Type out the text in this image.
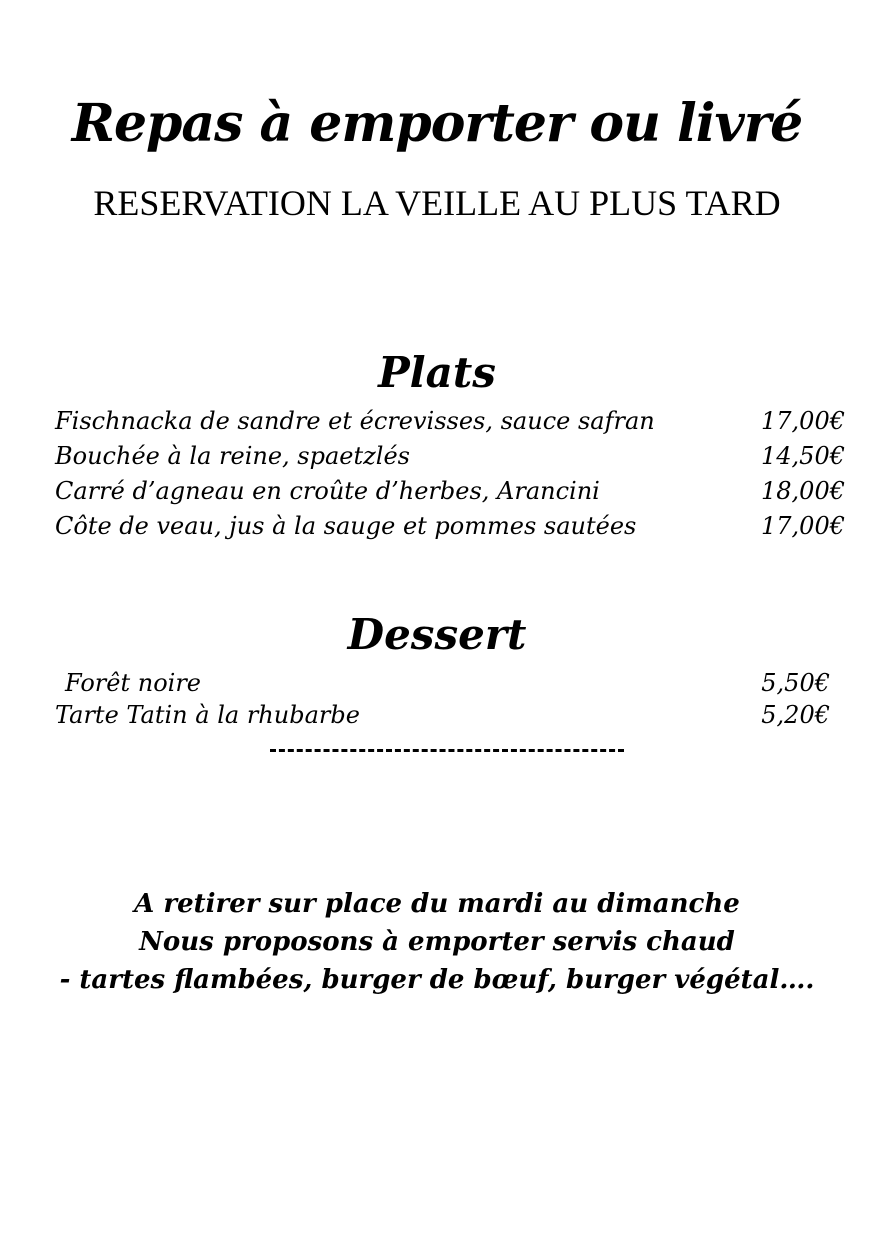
Repas à emporter ou livré
RESERVATION LA VEILLE AU PLUS TARD
Plats
Fischnacka de sandre et écrevisses, sauce safran	17,00€
Bouchée à la reine, spaetzlés	14,50€
Carré d’agneau en croûte d’herbes, Arancini	18,00€
Côte de veau, jus à la sauge et pommes sautées	17,00€
Dessert
Forêt noire	5,50€
Tarte Tatin à la rhubarbe	5,20€
A retirer sur place du mardi au dimanche
Nous proposons à emporter servis chaud
- tartes flambées, burger de bœuf, burger végétal….
